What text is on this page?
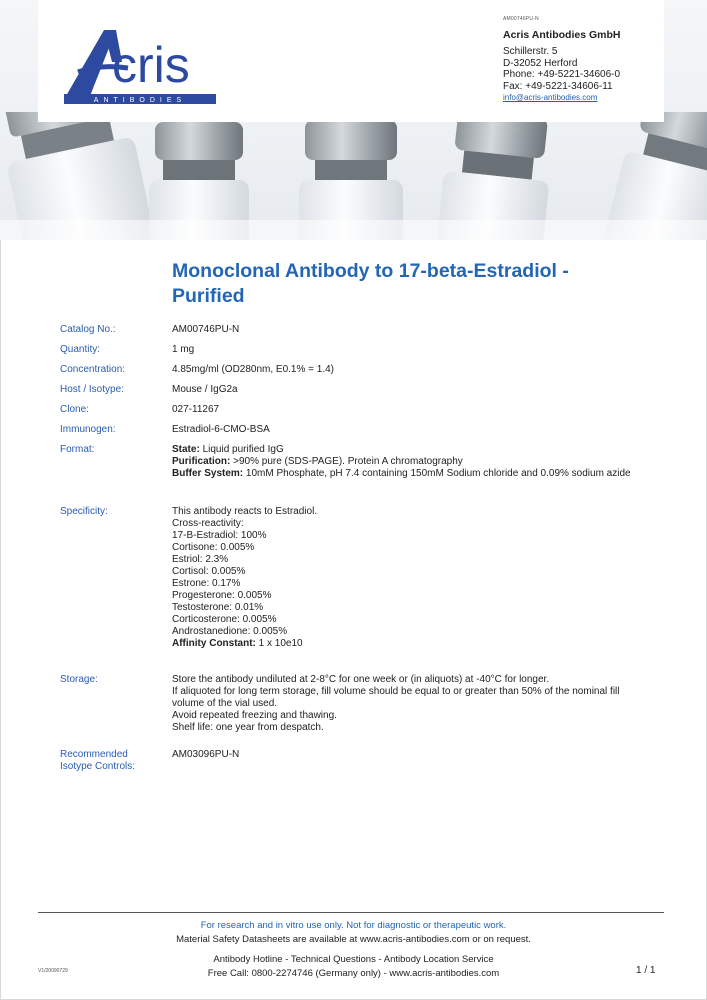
cris
ANTIBODIES
AM00746PU-N
Acris Antibodies GmbH
Schillerstr. 5
D-32052 Herford
Phone: +49-5221-34606-0
Fax: +49-5221-34606-11
info@acris-antibodies.com
Monoclonal Antibody to 17-beta-Estradiol -
Purified
Catalog No.:	AM00746PU-N
Quantity:	1 mg
Concentration:	4.85mg/ml (OD280nm, E0.1% = 1.4)
Host / Isotype:	Mouse / IgG2a
Clone:	027-11267
Immunogen:	Estradiol-6-CMO-BSA
Format:	State: Liquid purified IgG
Purification: >90% pure (SDS-PAGE). Protein A chromatography
Buffer System: 10mM Phosphate, pH 7.4 containing 150mM Sodium chloride and 0.09% sodium azide
Specificity:	This antibody reacts to Estradiol.
Cross-reactivity:
17-B-Estradiol: 100%
Cortisone: 0.005%
Estriol: 2.3%
Cortisol: 0.005%
Estrone: 0.17%
Progesterone: 0.005%
Testosterone: 0.01%
Corticosterone: 0.005%
Androstanedione: 0.005%
Affinity Constant: 1 x 10e10
Storage:	Store the antibody undiluted at 2-8°C for one week or (in aliquots) at -40°C for longer.
If aliquoted for long term storage, fill volume should be equal to or greater than 50% of the nominal fill volume of the vial used.
Avoid repeated freezing and thawing.
Shelf life: one year from despatch.
Recommended
Isotype Controls:
AM03096PU-N
For research and in vitro use only. Not for diagnostic or therapeutic work.
Material Safety Datasheets are available at www.acris-antibodies.com or on request.
Antibody Hotline - Technical Questions - Antibody Location Service
Free Call: 0800-2274746 (Germany only) - www.acris-antibodies.com
V1/20090729	1 / 1
